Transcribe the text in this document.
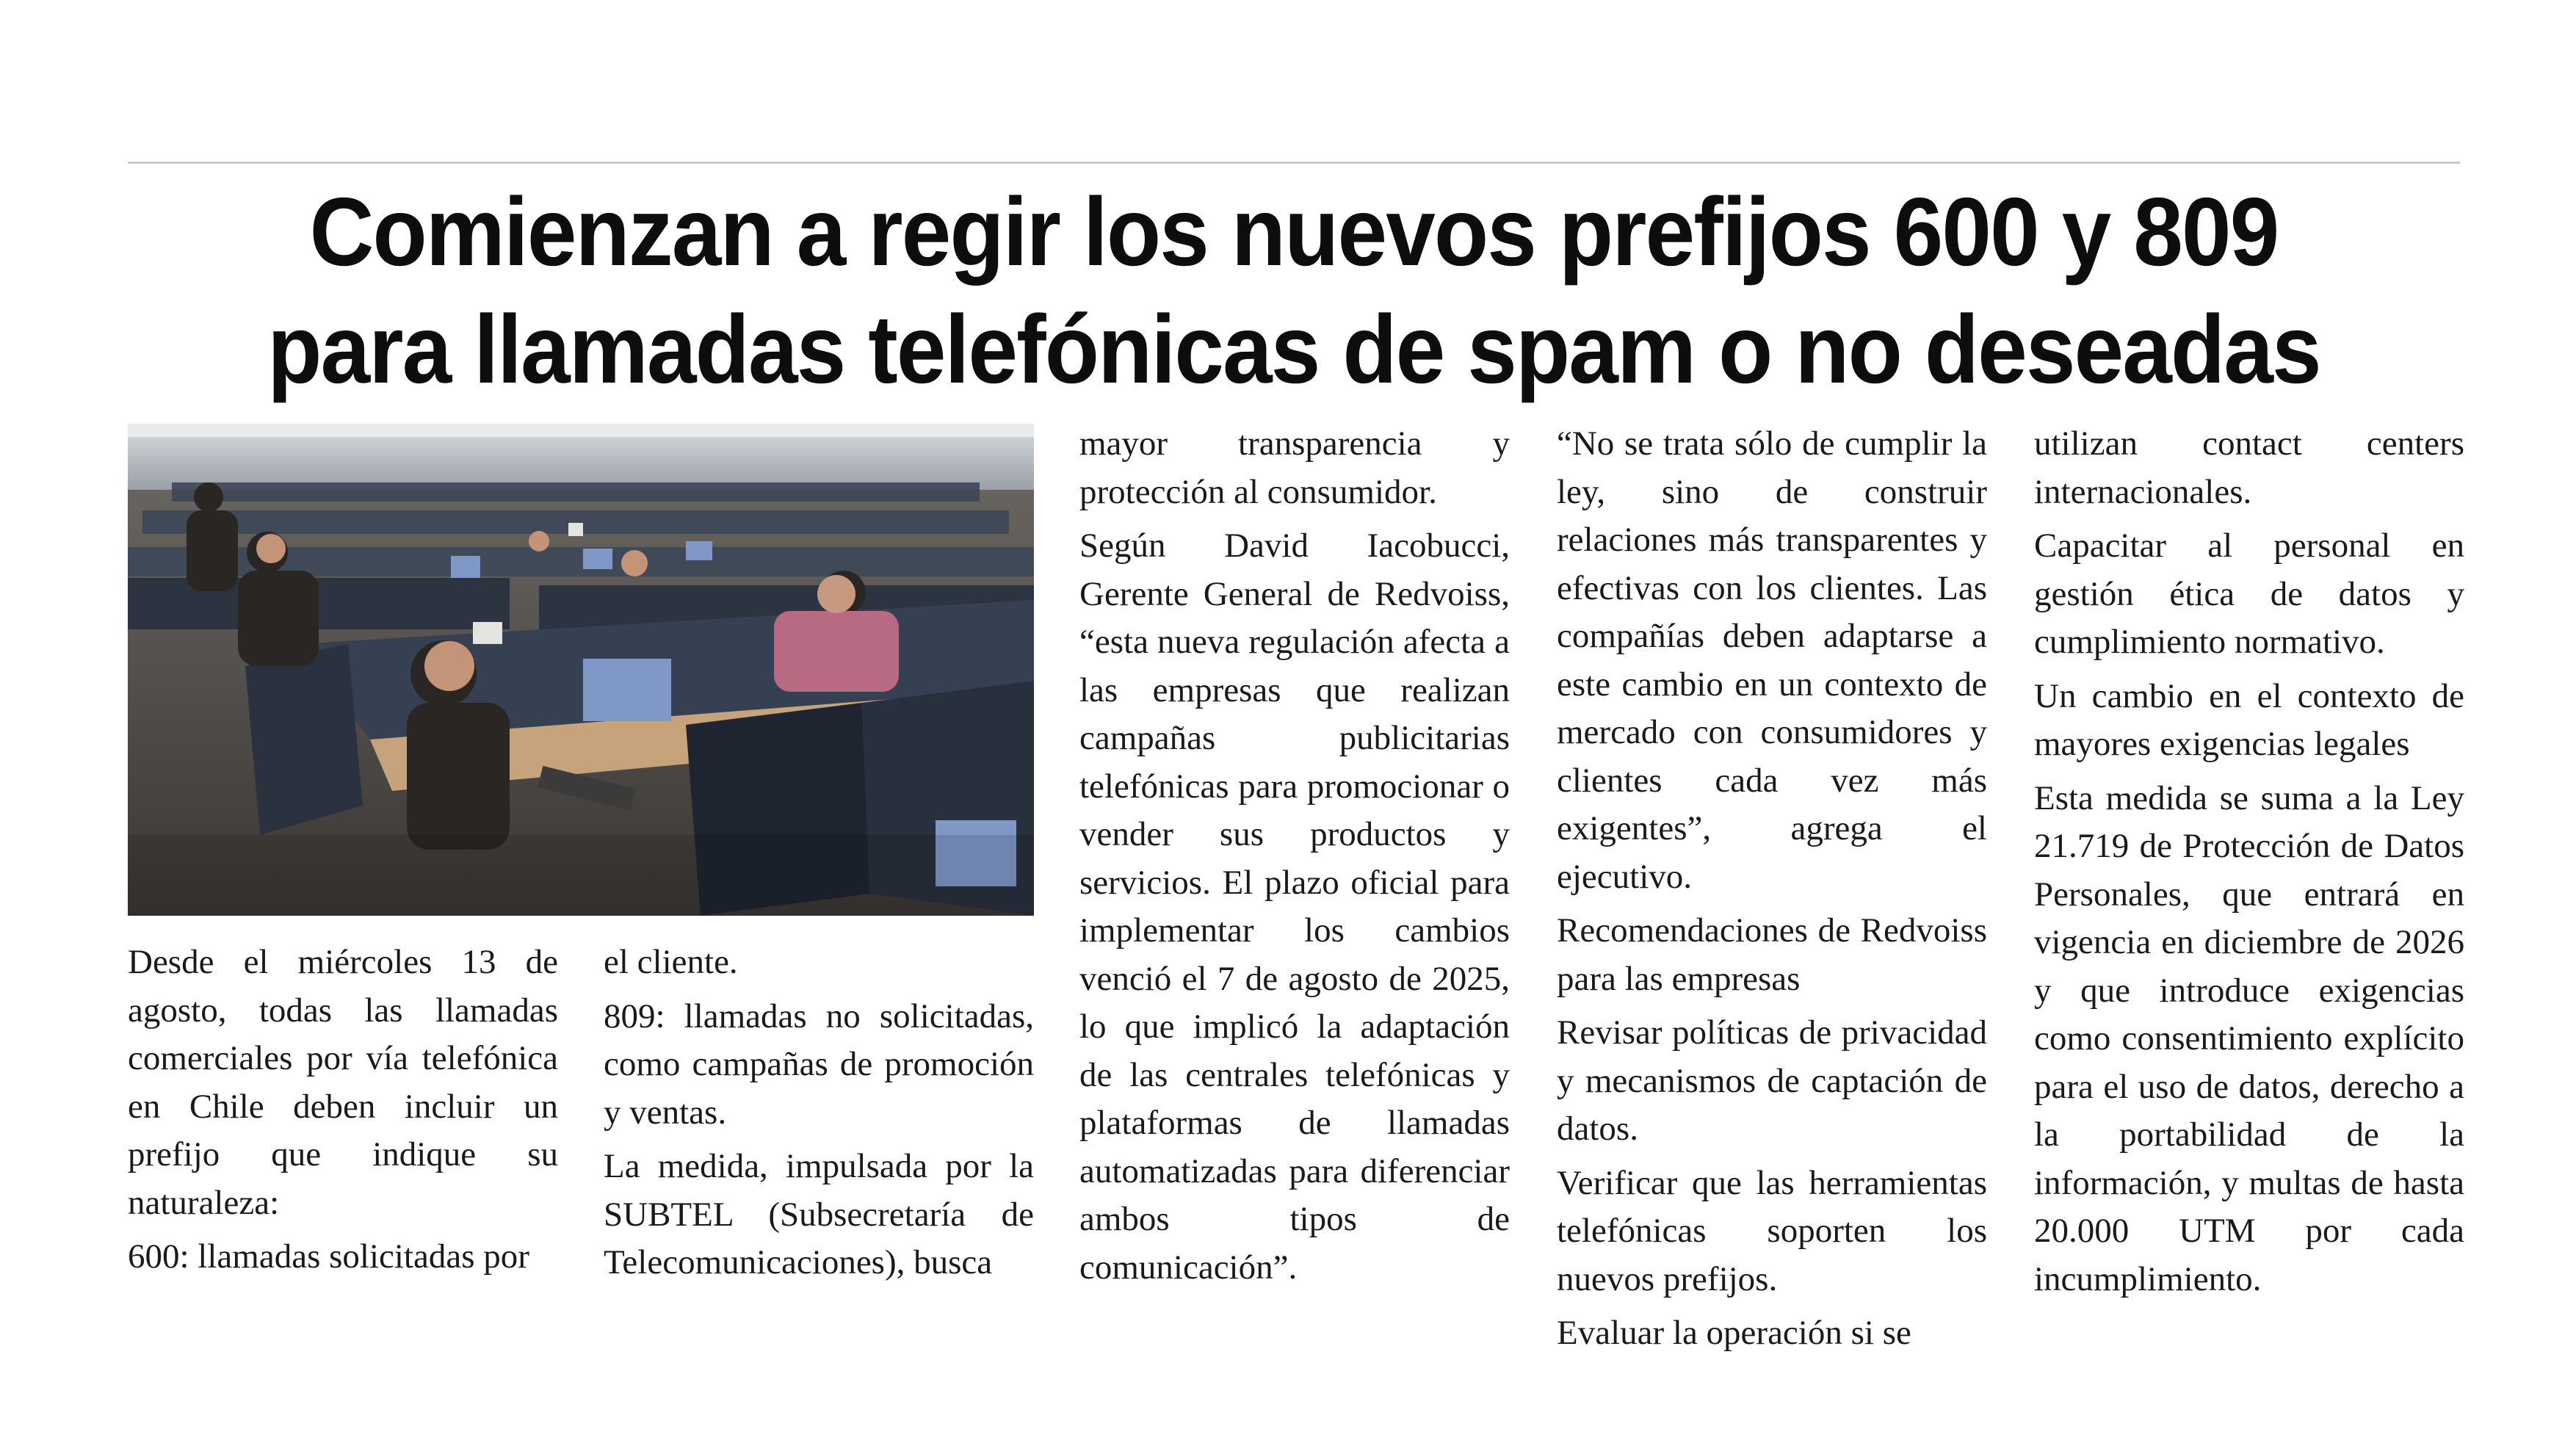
Comienzan a regir los nuevos prefijos 600 y 809
para llamadas telefónicas de spam o no deseadas

Desde el miércoles 13 de agosto, todas las llamadas comerciales por vía telefónica en Chile deben incluir un prefijo que indique su naturaleza:

600: llamadas solicitadas por

el cliente.

809: llamadas no solicitadas, como campañas de promoción y ventas.

La medida, impulsada por la SUBTEL (Subsecretaría de Telecomunicaciones), busca

mayor transparencia y protección al consumidor.

Según David Iacobucci, Gerente General de Redvoiss, “esta nueva regulación afecta a las empresas que realizan campañas publicitarias telefónicas para promocionar o vender sus productos y servicios. El plazo oficial para implementar los cambios venció el 7 de agosto de 2025, lo que implicó la adaptación de las centrales telefónicas y plataformas de llamadas automatizadas para diferenciar ambos tipos de comunicación”.

“No se trata sólo de cumplir la ley, sino de construir relaciones más transparentes y efectivas con los clientes. Las compañías deben adaptarse a este cambio en un contexto de mercado con consumidores y clientes cada vez más exigentes”, agrega el ejecutivo.

Recomendaciones de Redvoiss para las empresas

Revisar políticas de privacidad y mecanismos de captación de datos.

Verificar que las herramientas telefónicas soporten los nuevos prefijos.

Evaluar la operación si se

utilizan contact centers internacionales.

Capacitar al personal en gestión ética de datos y cumplimiento normativo.

Un cambio en el contexto de mayores exigencias legales

Esta medida se suma a la Ley 21.719 de Protección de Datos Personales, que entrará en vigencia en diciembre de 2026 y que introduce exigencias como consentimiento explícito para el uso de datos, derecho a la portabilidad de la información, y multas de hasta 20.000 UTM por cada incumplimiento.
